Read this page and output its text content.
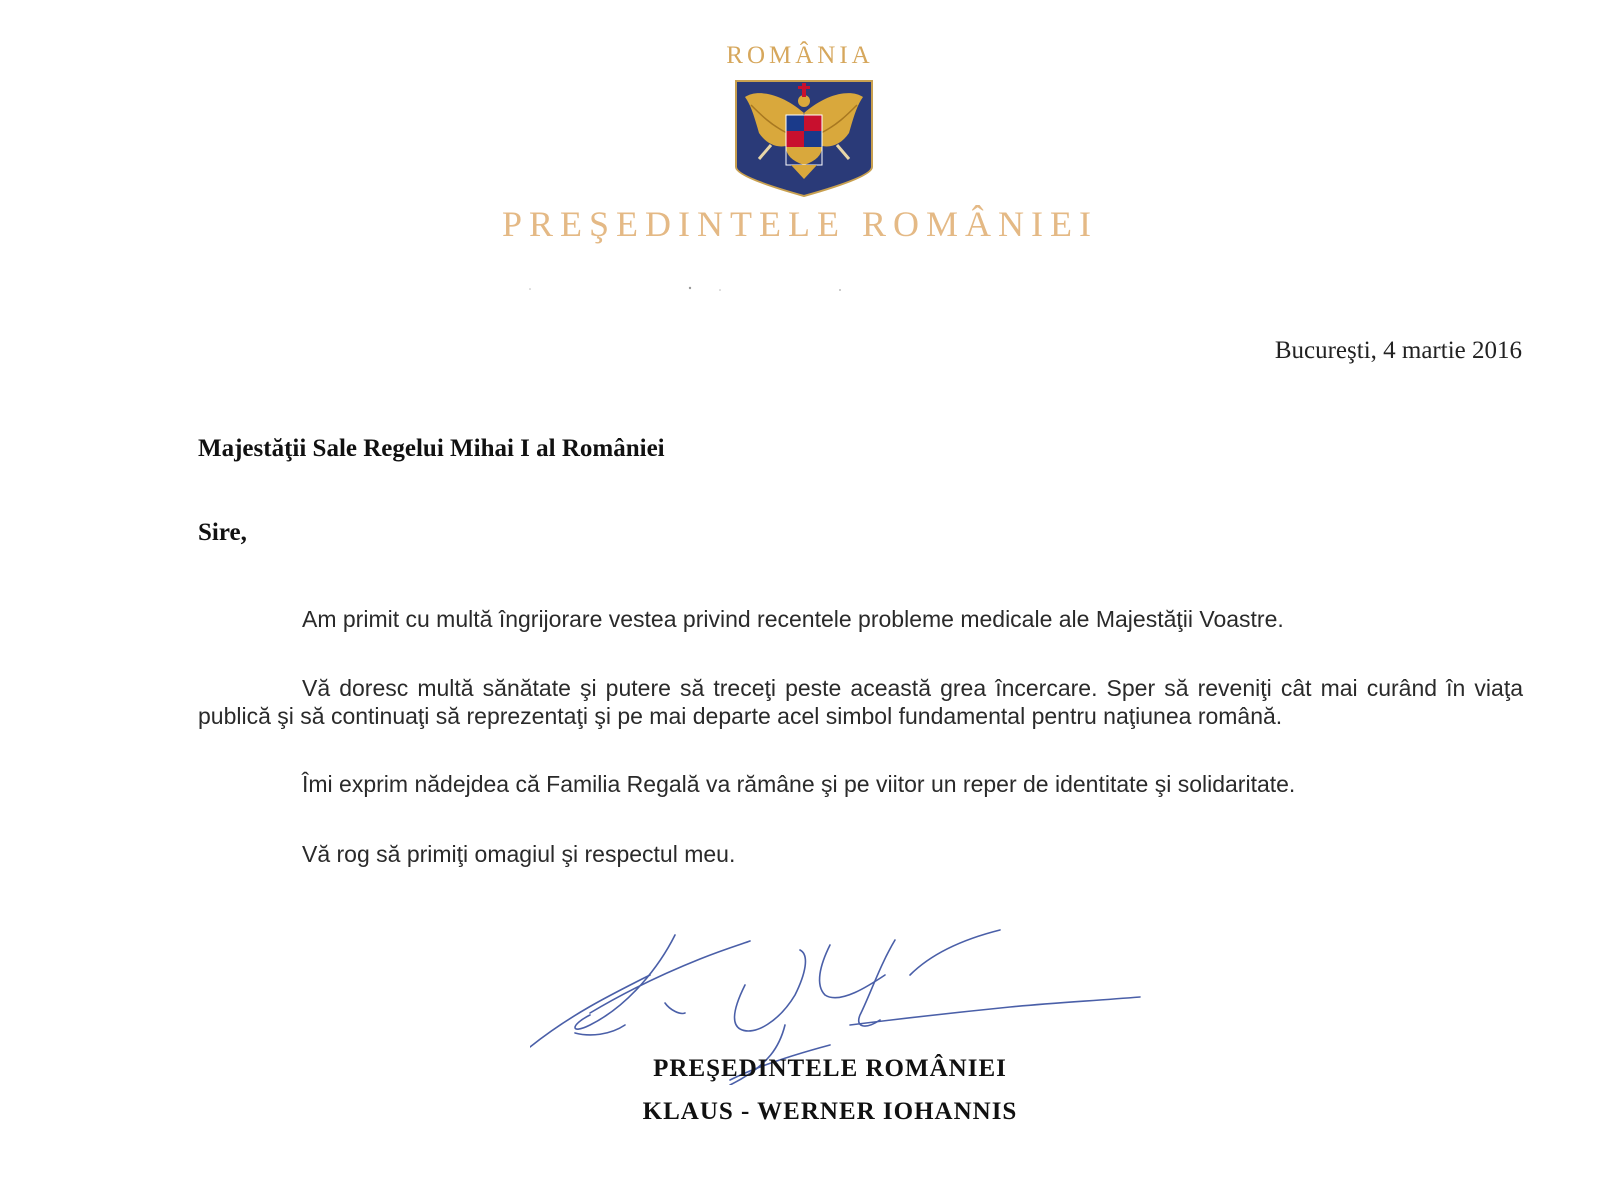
ROMÂNIA
PREŞEDINTELE ROMÂNIEI
Bucureşti, 4 martie 2016
Majestăţii Sale Regelui Mihai I al României
Sire,

Am primit cu multă îngrijorare vestea privind recentele probleme medicale ale Majestăţii Voastre.

Vă doresc multă sănătate şi putere să treceţi peste această grea încercare. Sper să reveniţi cât mai curând în viaţa publică şi să continuaţi să reprezentaţi şi pe mai departe acel simbol fundamental pentru naţiunea română.

Îmi exprim nădejdea că Familia Regală va rămâne şi pe viitor un reper de identitate şi solidaritate.

Vă rog să primiţi omagiul şi respectul meu.

PREŞEDINTELE ROMÂNIEI
KLAUS - WERNER IOHANNIS
